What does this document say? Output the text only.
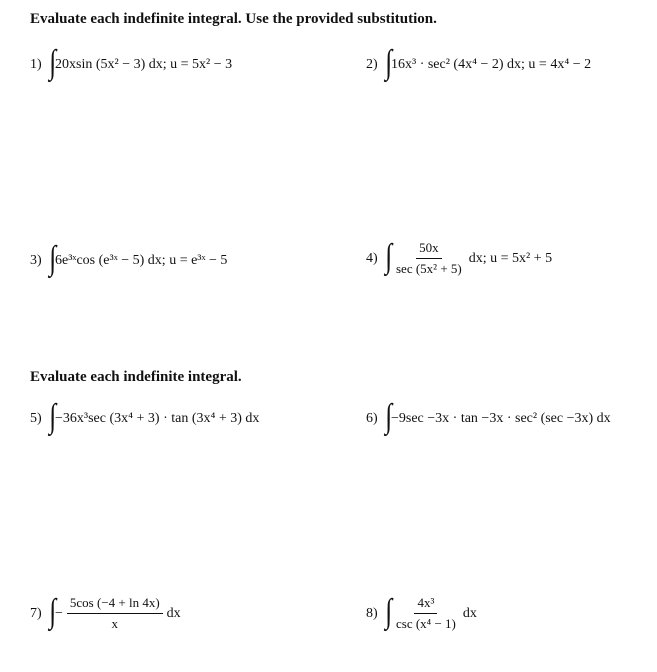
Evaluate each indefinite integral. Use the provided substitution.
1) ∫ 20xsin (5x² − 3) dx; u = 5x² − 3	2) ∫ 16x³ · sec² (4x⁴ − 2) dx; u = 4x⁴ − 2
3) ∫ 6e³ˣcos (e³ˣ − 5) dx; u = e³ˣ − 5	4) ∫ $\frac{50x}{\text{sec (5x² + 5)}}$ dx; u = 5x² + 5
Evaluate each indefinite integral.
5) ∫ −36x³sec (3x⁴ + 3) · tan (3x⁴ + 3) dx	6) ∫ −9sec −3x · tan −3x · sec² (sec −3x) dx
7) ∫ − $\frac{5\cos (-4 + \ln 4x)}{x}$ dx	8) ∫ $\frac{\text{4x³}}{\text{csc (x⁴ − 1)}}$ dx
